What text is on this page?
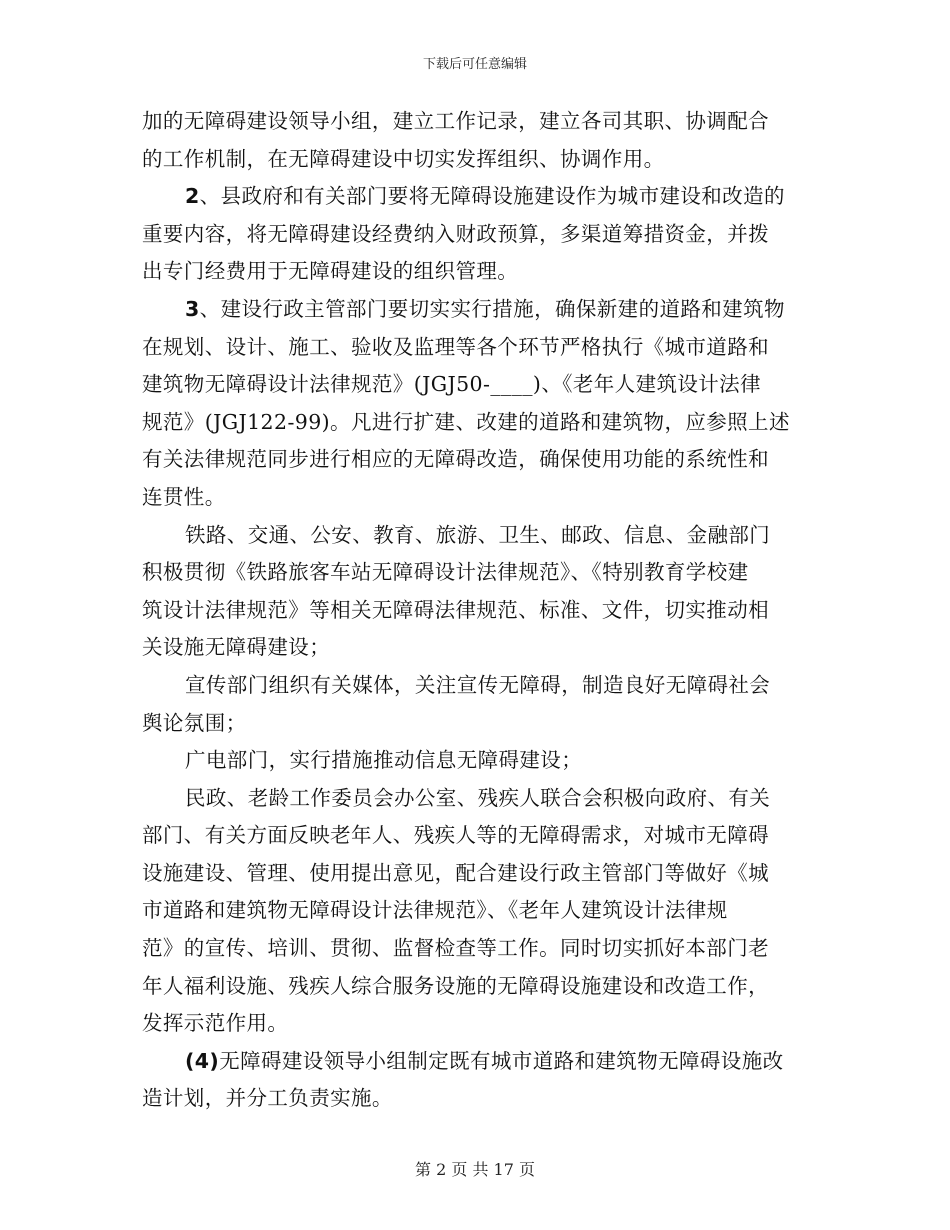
下载后可任意编辑
加的无障碍建设领导小组，建立工作记录，建立各司其职、协调配合
的工作机制，在无障碍建设中切实发挥组织、协调作用。
2、县政府和有关部门要将无障碍设施建设作为城市建设和改造的
重要内容，将无障碍建设经费纳入财政预算，多渠道筹措资金，并拨
出专门经费用于无障碍建设的组织管理。
3、建设行政主管部门要切实实行措施，确保新建的道路和建筑物
在规划、设计、施工、验收及监理等各个环节严格执行《城市道路和
建筑物无障碍设计法律规范》(JGJ50-____)、《老年人建筑设计法律
规范》(JGJ122-99)。凡进行扩建、改建的道路和建筑物，应参照上述
有关法律规范同步进行相应的无障碍改造，确保使用功能的系统性和
连贯性。
铁路、交通、公安、教育、旅游、卫生、邮政、信息、金融部门
积极贯彻《铁路旅客车站无障碍设计法律规范》、《特别教育学校建
筑设计法律规范》等相关无障碍法律规范、标准、文件，切实推动相
关设施无障碍建设；
宣传部门组织有关媒体，关注宣传无障碍，制造良好无障碍社会
舆论氛围；
广电部门，实行措施推动信息无障碍建设；
民政、老龄工作委员会办公室、残疾人联合会积极向政府、有关
部门、有关方面反映老年人、残疾人等的无障碍需求，对城市无障碍
设施建设、管理、使用提出意见，配合建设行政主管部门等做好《城
市道路和建筑物无障碍设计法律规范》、《老年人建筑设计法律规
范》的宣传、培训、贯彻、监督检查等工作。同时切实抓好本部门老
年人福利设施、残疾人综合服务设施的无障碍设施建设和改造工作，
发挥示范作用。
(4)无障碍建设领导小组制定既有城市道路和建筑物无障碍设施改
造计划，并分工负责实施。
第 2 页 共 17 页
